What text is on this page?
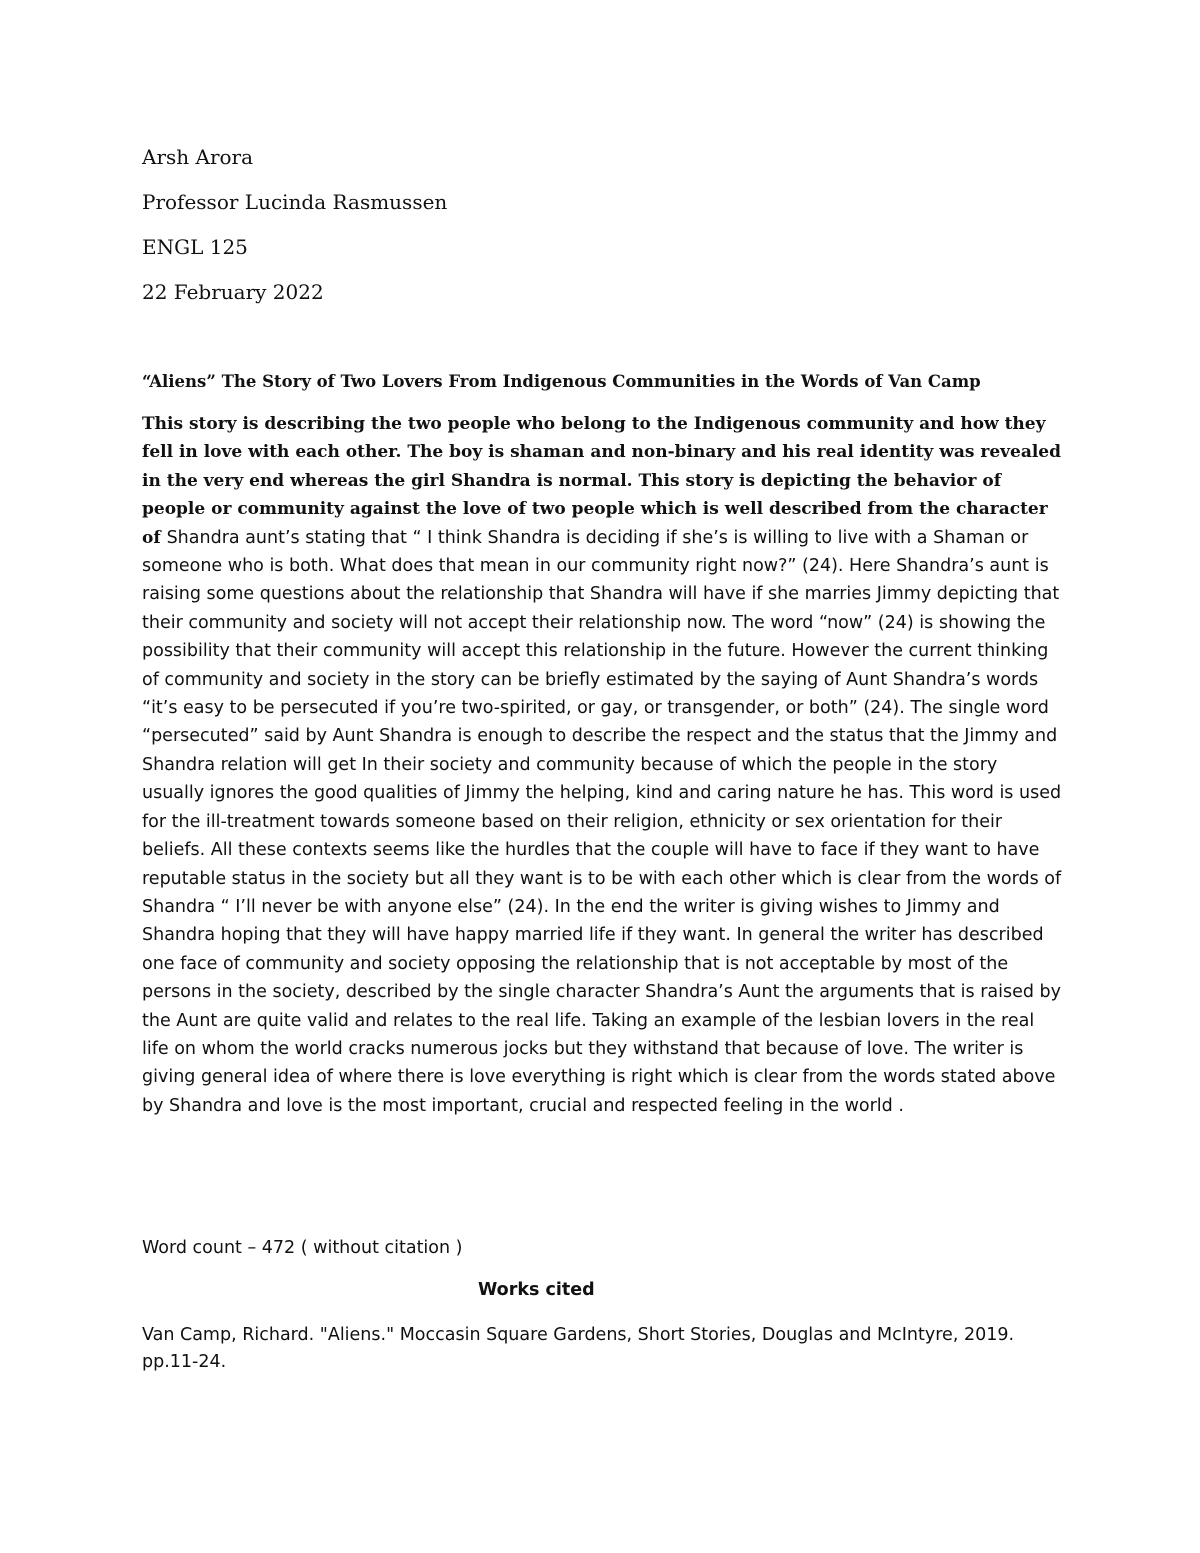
Arsh Arora
Professor Lucinda Rasmussen
ENGL 125
22 February 2022
“Aliens” The Story of Two Lovers From Indigenous Communities in the Words of Van Camp
This story is describing the two people who belong to the Indigenous community and how they fell in love with each other. The boy is shaman and non-binary and his real identity was revealed in the very end whereas the girl Shandra is normal. This story is depicting the behavior of people or community against the love of two people which is well described from the character of Shandra aunt’s stating that “ I think Shandra is deciding if she’s is willing to live with a Shaman or someone who is both. What does that mean in our community right now?” (24). Here Shandra’s aunt is raising some questions about the relationship that Shandra will have if she marries Jimmy depicting that their community and society will not accept their relationship now. The word “now” (24) is showing the possibility that their community will accept this relationship in the future. However the current thinking of community and society in the story can be briefly estimated by the saying of Aunt Shandra’s words “it’s easy to be persecuted if you’re two-spirited, or gay, or transgender, or both” (24). The single word “persecuted” said by Aunt Shandra is enough to describe the respect and the status that the Jimmy and Shandra relation will get In their society and community because of which the people in the story usually ignores the good qualities of Jimmy the helping, kind and caring nature he has. This word is used for the ill-treatment towards someone based on their religion, ethnicity or sex orientation for their beliefs. All these contexts seems like the hurdles that the couple will have to face if they want to have reputable status in the society but all they want is to be with each other which is clear from the words of Shandra “ I’ll never be with anyone else” (24). In the end the writer is giving wishes to Jimmy and Shandra hoping that they will have happy married life if they want. In general the writer has described one face of community and society opposing the relationship that is not acceptable by most of the persons in the society, described by the single character Shandra’s Aunt the arguments that is raised by the Aunt are quite valid and relates to the real life. Taking an example of the lesbian lovers in the real life on whom the world cracks numerous jocks but they withstand that because of love. The writer is giving general idea of where there is love everything is right which is clear from the words stated above by Shandra and love is the most important, crucial and respected feeling in the world .
Word count – 472 ( without citation )
Works cited
Van Camp, Richard. "Aliens." Moccasin Square Gardens, Short Stories, Douglas and McIntyre, 2019. pp.11-24.
